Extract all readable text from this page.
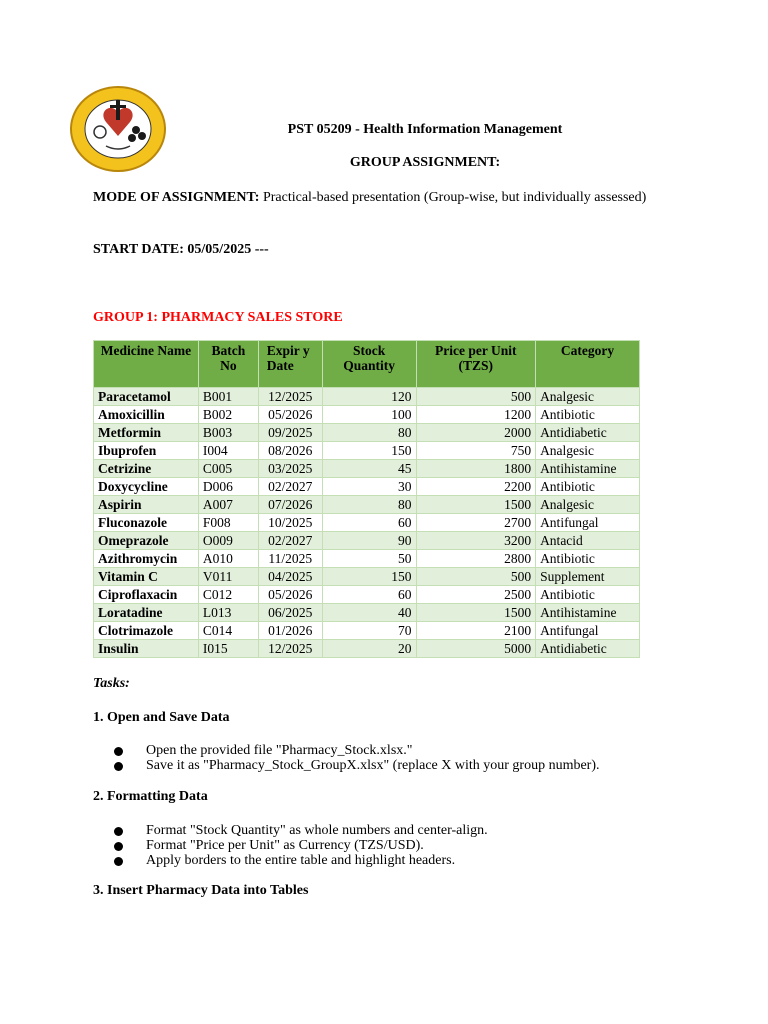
PST 05209 - Health Information Management
GROUP ASSIGNMENT:
MODE OF ASSIGNMENT: Practical-based presentation (Group-wise, but individually assessed)
START DATE: 05/05/2025 ---
GROUP 1: PHARMACY SALES STORE
Medicine Name	Batch No	Expir y Date	Stock Quantity	Price per Unit (TZS)	Category
Paracetamol	B001	12/2025	120	500	Analgesic
Amoxicillin	B002	05/2026	100	1200	Antibiotic
Metformin	B003	09/2025	80	2000	Antidiabetic
Ibuprofen	I004	08/2026	150	750	Analgesic
Cetrizine	C005	03/2025	45	1800	Antihistamine
Doxycycline	D006	02/2027	30	2200	Antibiotic
Aspirin	A007	07/2026	80	1500	Analgesic
Fluconazole	F008	10/2025	60	2700	Antifungal
Omeprazole	O009	02/2027	90	3200	Antacid
Azithromycin	A010	11/2025	50	2800	Antibiotic
Vitamin C	V011	04/2025	150	500	Supplement
Ciproflaxacin	C012	05/2026	60	2500	Antibiotic
Loratadine	L013	06/2025	40	1500	Antihistamine
Clotrimazole	C014	01/2026	70	2100	Antifungal
Insulin	I015	12/2025	20	5000	Antidiabetic
Tasks:
1. Open and Save Data
Open the provided file "Pharmacy_Stock.xlsx."
Save it as "Pharmacy_Stock_GroupX.xlsx" (replace X with your group number).
2. Formatting Data
Format "Stock Quantity" as whole numbers and center-align.
Format "Price per Unit" as Currency (TZS/USD).
Apply borders to the entire table and highlight headers.
3. Insert Pharmacy Data into Tables
